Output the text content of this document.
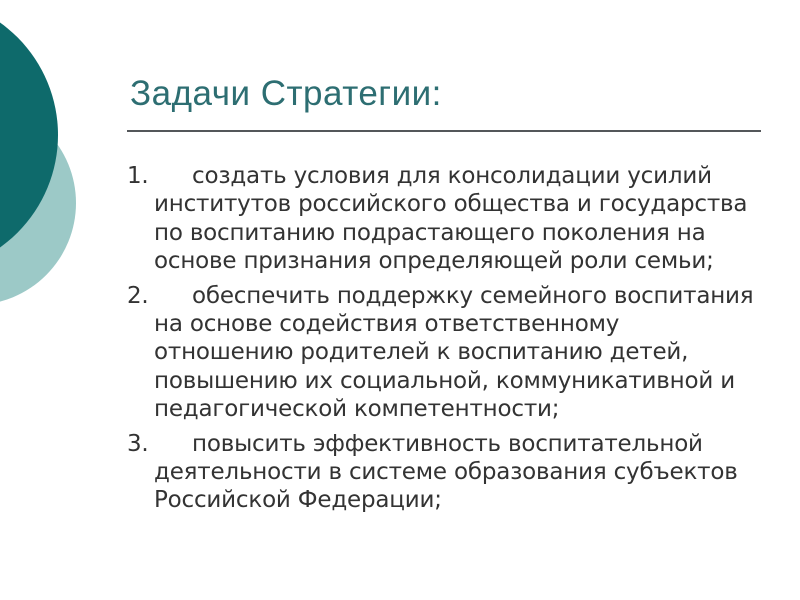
Задачи Стратегии:
1.	создать условия для консолидации усилий
институтов российского общества и государства
по воспитанию подрастающего поколения на
основе признания определяющей роли семьи;
2.	обеспечить поддержку семейного воспитания
на основе содействия ответственному
отношению родителей к воспитанию детей,
повышению их социальной, коммуникативной и
педагогической компетентности;
3.	повысить эффективность воспитательной
деятельности в системе образования субъектов
Российской Федерации;
